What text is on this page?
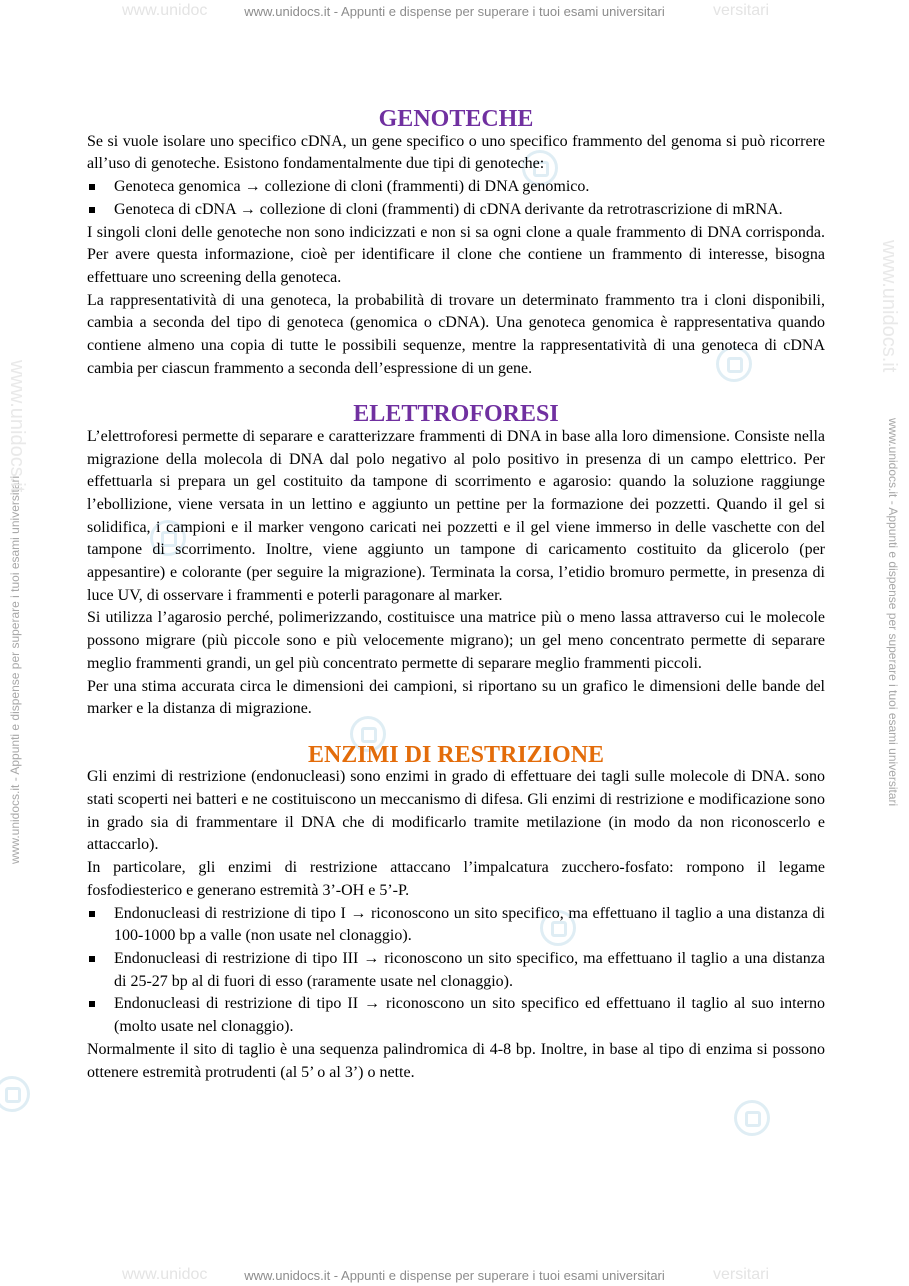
www.unidoc	www.unidocs.it - Appunti e dispense per superare i tuoi esami universitari	versitari
www.unidocs.it - Appunti e dispense per superare i tuoi esami universitari	www.unidocs.it - Appunti e dispense per superare i tuoi esami universitari
www.unidocs.it
www.unidocs.it
GENOTECHE

Se si vuole isolare uno specifico cDNA, un gene specifico o uno specifico frammento del genoma si può ricorrere all’uso di genoteche. Esistono fondamentalmente due tipi di genoteche:

Genoteca genomica → collezione di cloni (frammenti) di DNA genomico.
Genoteca di cDNA → collezione di cloni (frammenti) di cDNA derivante da retrotrascrizione di mRNA.

I singoli cloni delle genoteche non sono indicizzati e non si sa ogni clone a quale frammento di DNA corrisponda. Per avere questa informazione, cioè per identificare il clone che contiene un frammento di interesse, bisogna effettuare uno screening della genoteca.

La rappresentatività di una genoteca, la probabilità di trovare un determinato frammento tra i cloni disponibili, cambia a seconda del tipo di genoteca (genomica o cDNA). Una genoteca genomica è rappresentativa quando contiene almeno una copia di tutte le possibili sequenze, mentre la rappresentatività di una genoteca di cDNA cambia per ciascun frammento a seconda dell’espressione di un gene.

ELETTROFORESI

L’elettroforesi permette di separare e caratterizzare frammenti di DNA in base alla loro dimensione. Consiste nella migrazione della molecola di DNA dal polo negativo al polo positivo in presenza di un campo elettrico. Per effettuarla si prepara un gel costituito da tampone di scorrimento e agarosio: quando la soluzione raggiunge l’ebollizione, viene versata in un lettino e aggiunto un pettine per la formazione dei pozzetti. Quando il gel si solidifica, i campioni e il marker vengono caricati nei pozzetti e il gel viene immerso in delle vaschette con del tampone di scorrimento. Inoltre, viene aggiunto un tampone di caricamento costituito da glicerolo (per appesantire) e colorante (per seguire la migrazione). Terminata la corsa, l’etidio bromuro permette, in presenza di luce UV, di osservare i frammenti e poterli paragonare al marker.

Si utilizza l’agarosio perché, polimerizzando, costituisce una matrice più o meno lassa attraverso cui le molecole possono migrare (più piccole sono e più velocemente migrano); un gel meno concentrato permette di separare meglio frammenti grandi, un gel più concentrato permette di separare meglio frammenti piccoli.

Per una stima accurata circa le dimensioni dei campioni, si riportano su un grafico le dimensioni delle bande del marker e la distanza di migrazione.

ENZIMI DI RESTRIZIONE

Gli enzimi di restrizione (endonucleasi) sono enzimi in grado di effettuare dei tagli sulle molecole di DNA. sono stati scoperti nei batteri e ne costituiscono un meccanismo di difesa. Gli enzimi di restrizione e modificazione sono in grado sia di frammentare il DNA che di modificarlo tramite metilazione (in modo da non riconoscerlo e attaccarlo).

In particolare, gli enzimi di restrizione attaccano l’impalcatura zucchero-fosfato: rompono il legame fosfodiesterico e generano estremità 3’-OH e 5’-P.

Endonucleasi di restrizione di tipo I → riconoscono un sito specifico, ma effettuano il taglio a una distanza di 100-1000 bp a valle (non usate nel clonaggio).
Endonucleasi di restrizione di tipo III → riconoscono un sito specifico, ma effettuano il taglio a una distanza di 25-27 bp al di fuori di esso (raramente usate nel clonaggio).
Endonucleasi di restrizione di tipo II → riconoscono un sito specifico ed effettuano il taglio al suo interno (molto usate nel clonaggio).

Normalmente il sito di taglio è una sequenza palindromica di 4-8 bp. Inoltre, in base al tipo di enzima si possono ottenere estremità protrudenti (al 5’ o al 3’) o nette.

www.unidoc	www.unidocs.it - Appunti e dispense per superare i tuoi esami universitari	versitari
